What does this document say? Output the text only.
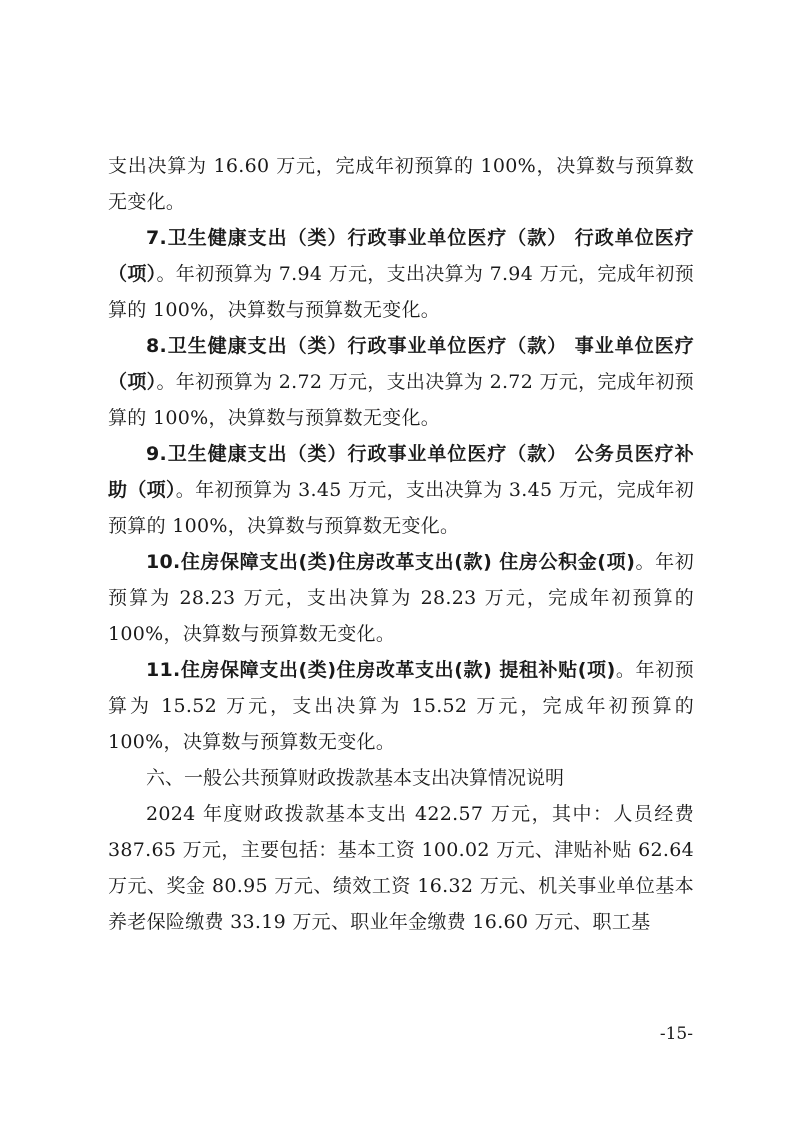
支出决算为 16.60 万元，完成年初预算的 100%，决算数与预算数无变化。

7.卫生健康支出（类）行政事业单位医疗（款） 行政单位医疗（项）。年初预算为 7.94 万元，支出决算为 7.94 万元，完成年初预算的 100%，决算数与预算数无变化。

8.卫生健康支出（类）行政事业单位医疗（款） 事业单位医疗（项）。年初预算为 2.72 万元，支出决算为 2.72 万元，完成年初预算的 100%，决算数与预算数无变化。

9.卫生健康支出（类）行政事业单位医疗（款） 公务员医疗补助（项）。年初预算为 3.45 万元，支出决算为 3.45 万元，完成年初预算的 100%，决算数与预算数无变化。

10.住房保障支出(类)住房改革支出(款) 住房公积金(项)。年初预算为 28.23 万元，支出决算为 28.23 万元，完成年初预算的 100%，决算数与预算数无变化。

11.住房保障支出(类)住房改革支出(款) 提租补贴(项)。年初预算为 15.52 万元，支出决算为 15.52 万元，完成年初预算的 100%，决算数与预算数无变化。

六、一般公共预算财政拨款基本支出决算情况说明

2024 年度财政拨款基本支出 422.57 万元，其中：人员经费 387.65 万元，主要包括：基本工资 100.02 万元、津贴补贴 62.64 万元、奖金 80.95 万元、绩效工资 16.32 万元、机关事业单位基本养老保险缴费 33.19 万元、职业年金缴费 16.60 万元、职工基

-15-
